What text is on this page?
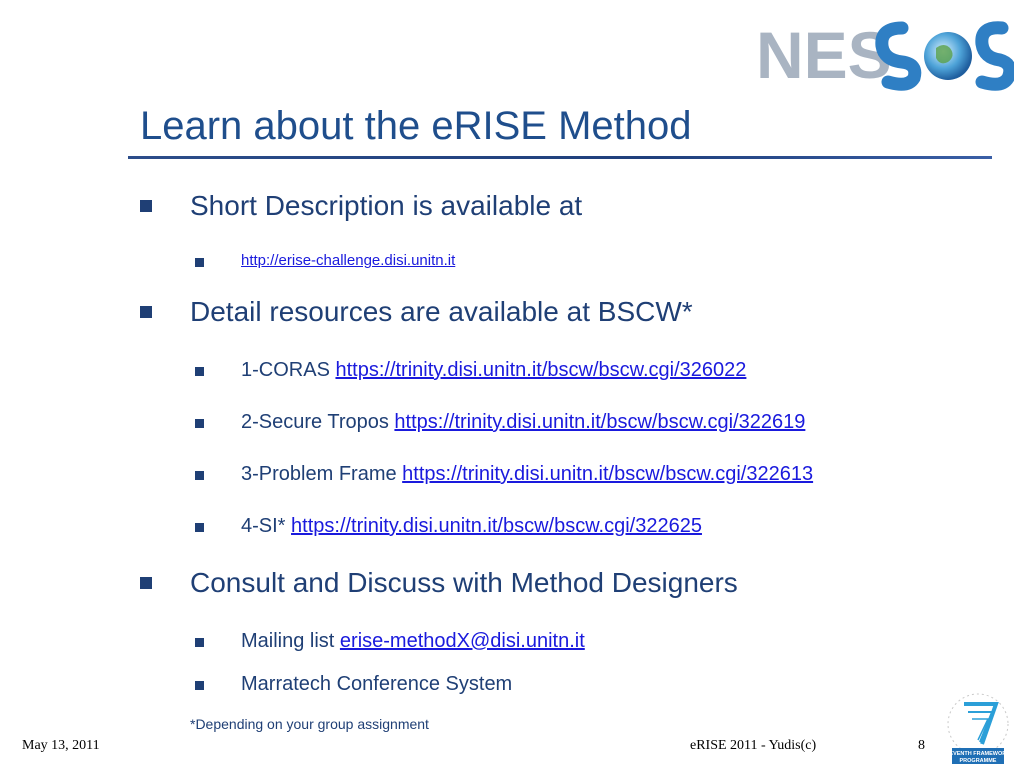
NES
Learn about the eRISE Method
Short Description is available at
http://erise-challenge.disi.unitn.it
Detail resources are available at BSCW*
1-CORAS https://trinity.disi.unitn.it/bscw/bscw.cgi/326022
2-Secure Tropos https://trinity.disi.unitn.it/bscw/bscw.cgi/322619
3-Problem Frame https://trinity.disi.unitn.it/bscw/bscw.cgi/322613
4-SI* https://trinity.disi.unitn.it/bscw/bscw.cgi/322625
Consult and Discuss with Method Designers
Mailing list erise-methodX@disi.unitn.it
Marratech Conference System
*Depending on your group assignment
May 13, 2011	eRISE 2011 - Yudis(c)	8
SEVENTH FRAMEWORK
PROGRAMME
